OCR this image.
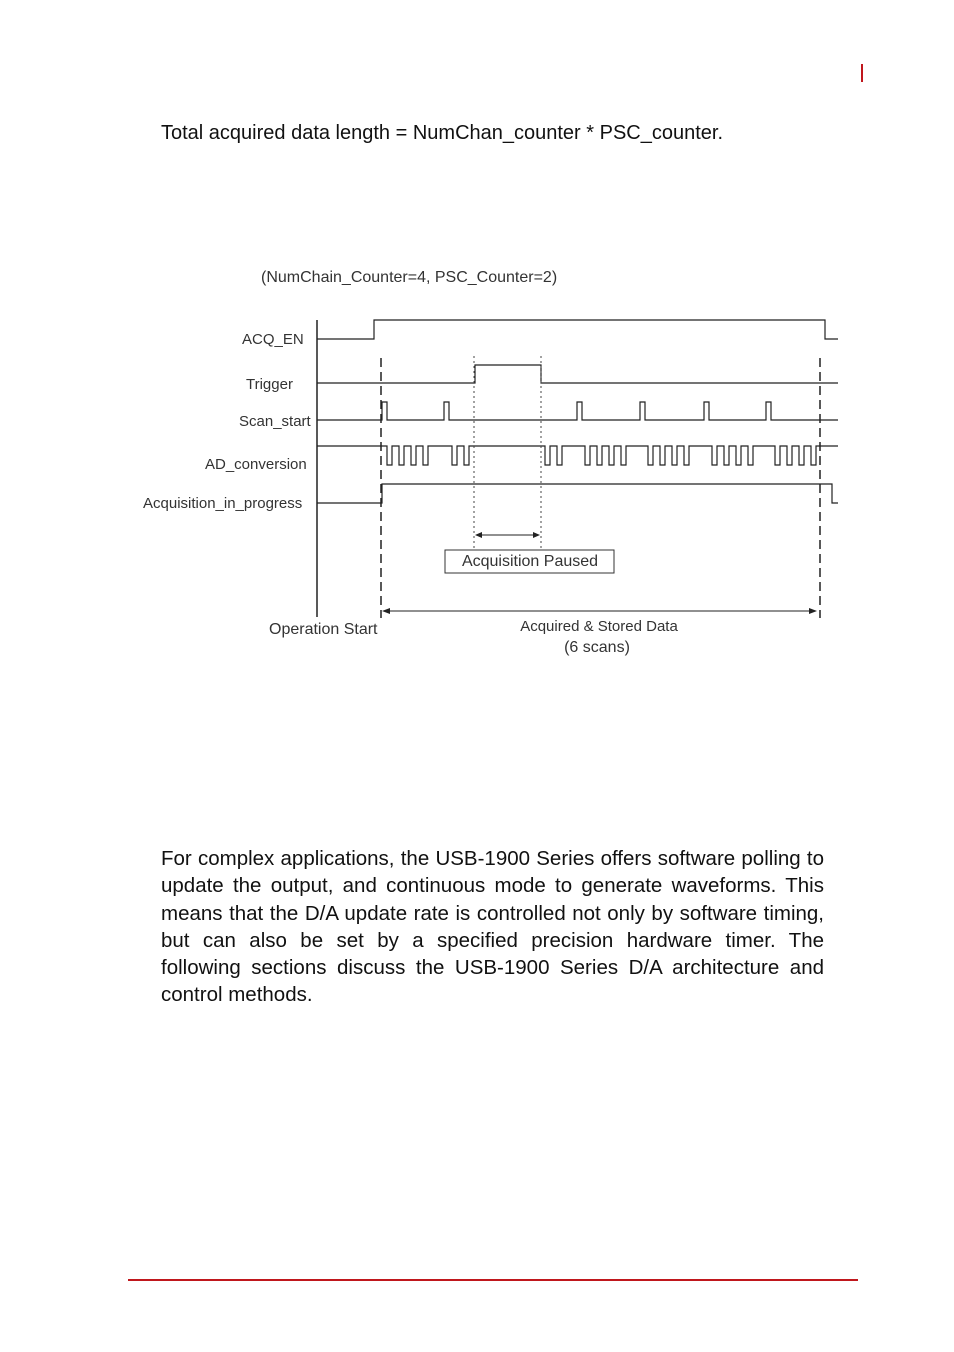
Total acquired data length = NumChan_counter * PSC_counter.
(NumChain_Counter=4, PSC_Counter=2)
ACQ_EN
Trigger
Scan_start
AD_conversion
Acquisition_in_progress
Acquisition Paused
Operation Start	Acquired & Stored Data
(6 scans)
For complex applications, the USB-1900 Series offers software polling to update the output, and continuous mode to generate waveforms. This means that the D/A update rate is controlled not only by software timing, but can also be set by a specified precision hardware timer. The following sections discuss the USB-1900 Series D/A architecture and control methods.
